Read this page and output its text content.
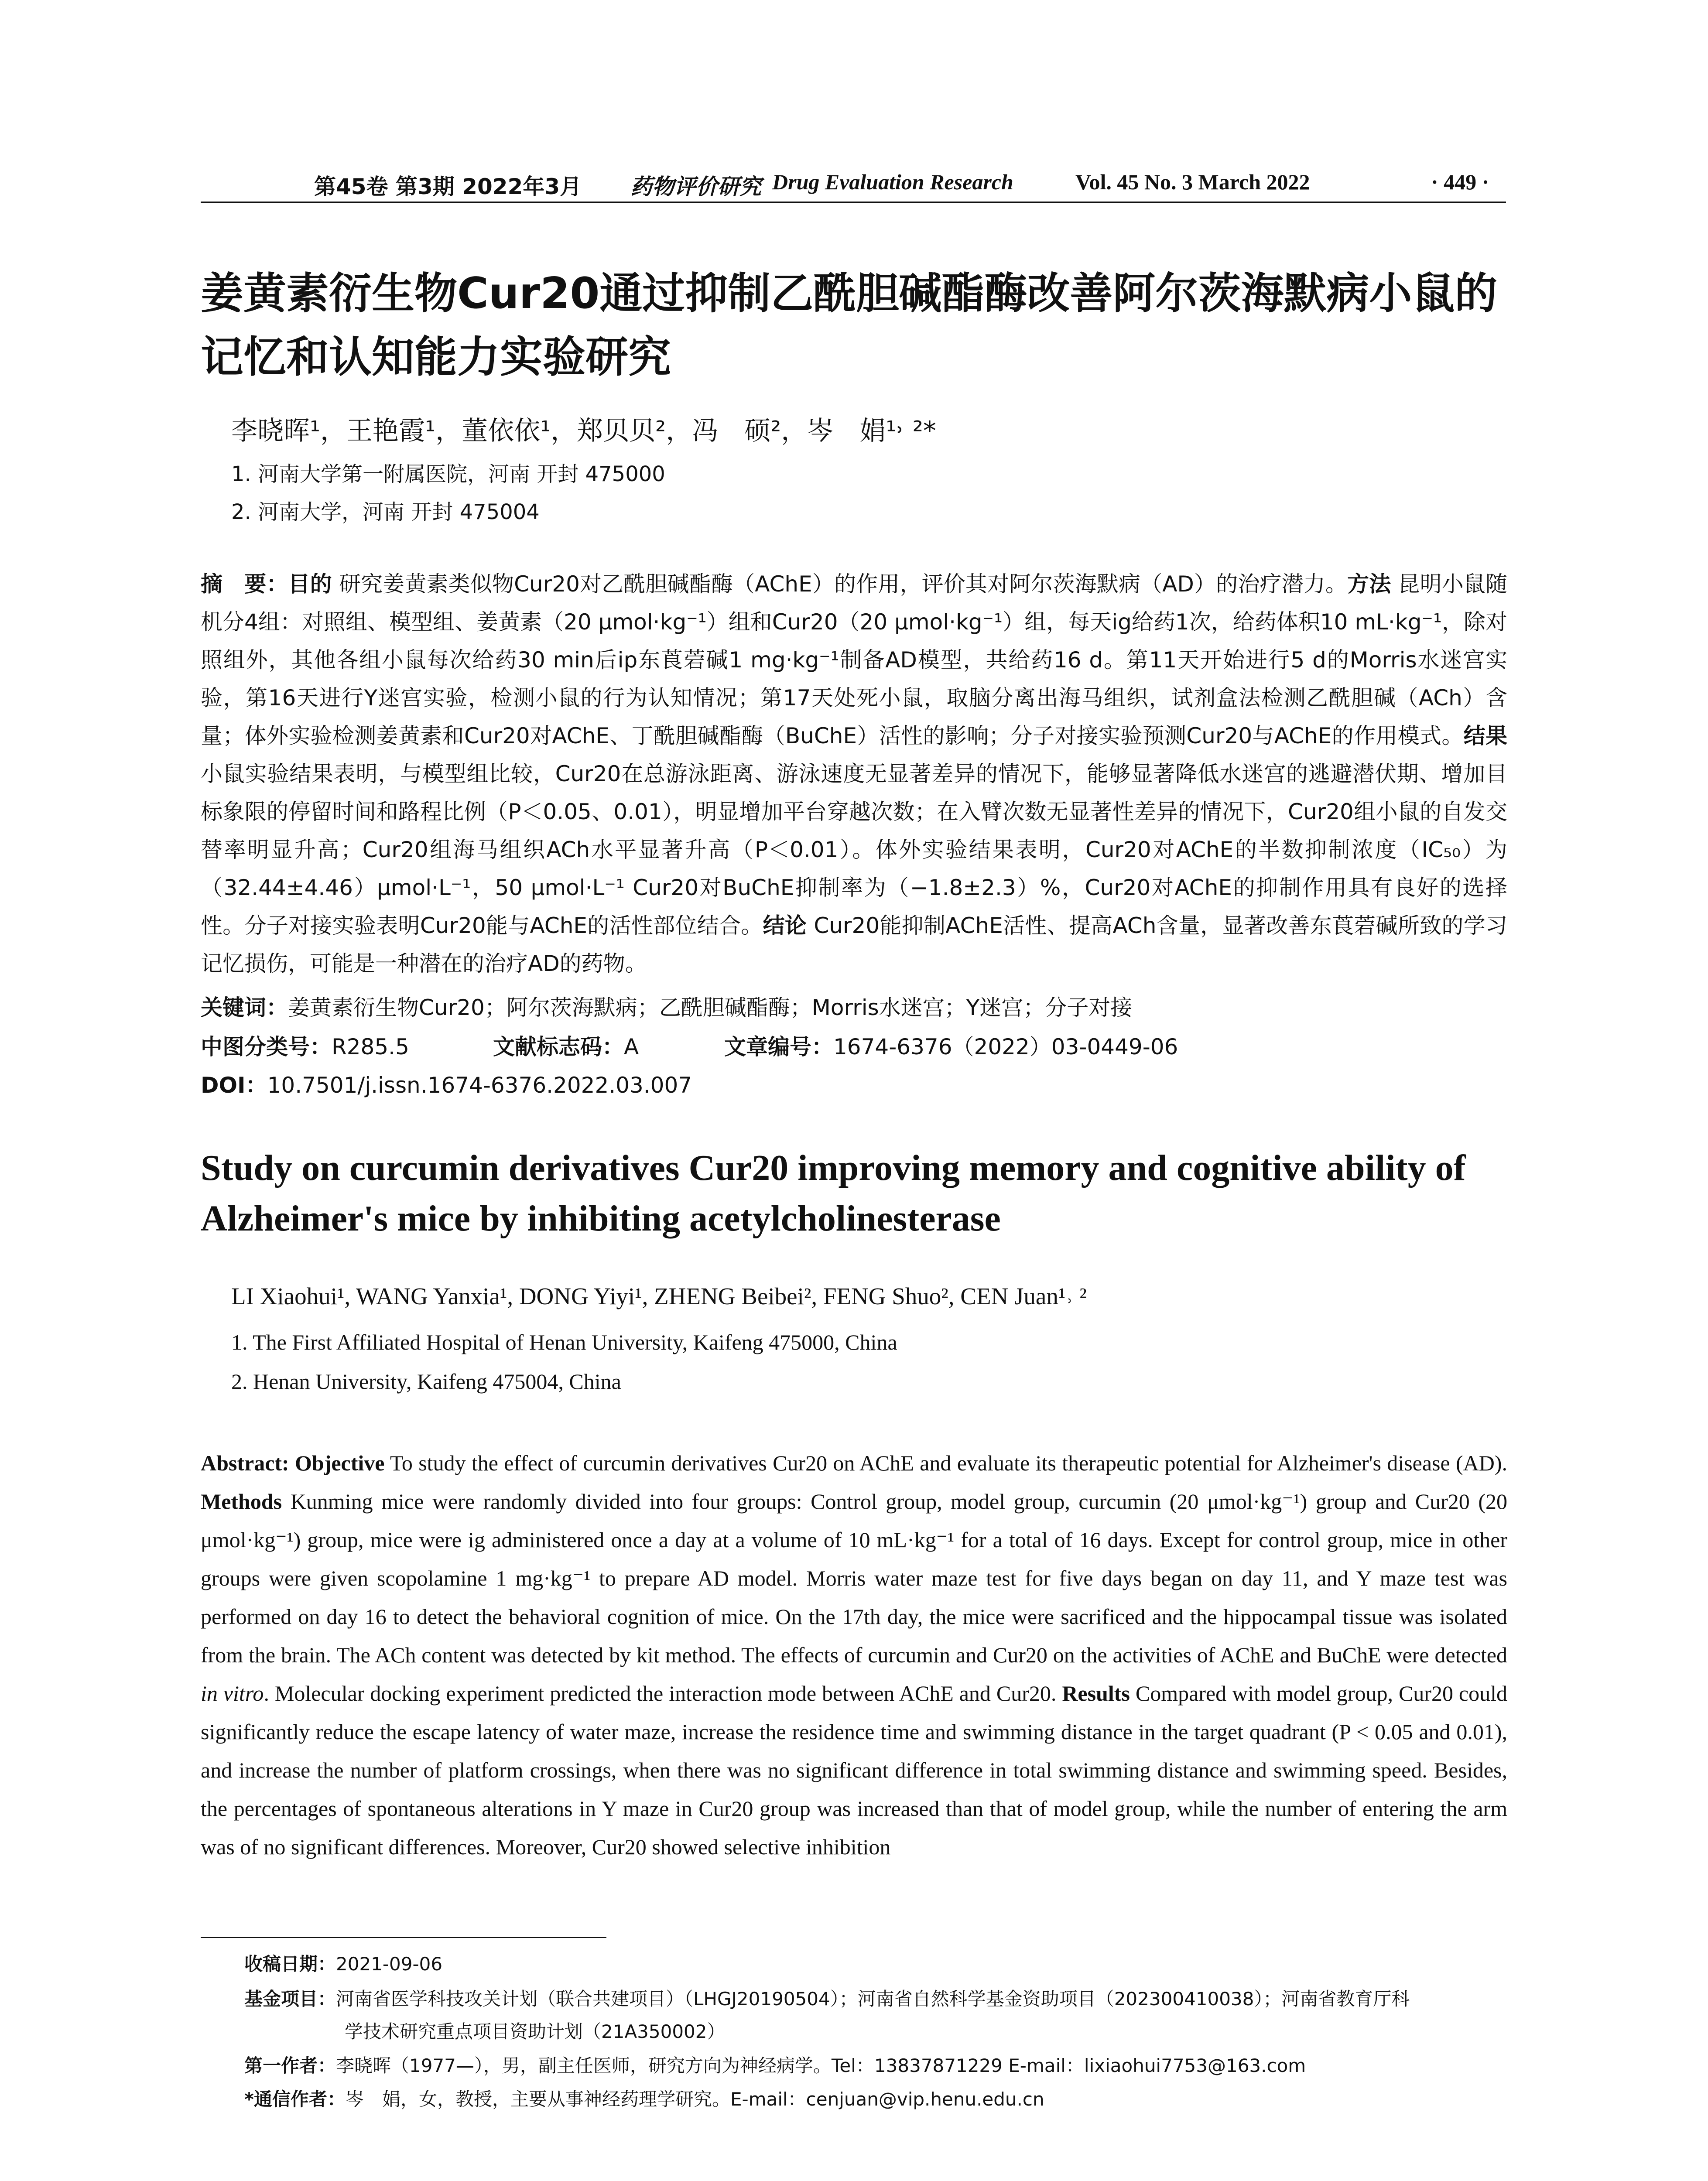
第45卷 第3期 2022年3月 药物评价研究 Drug Evaluation Research	Vol. 45 No. 3 March 2022	· 449 ·
姜黄素衍生物Cur20通过抑制乙酰胆碱酯酶改善阿尔茨海默病小鼠的记忆和认知能力实验研究
李晓晖¹，王艳霞¹，董依依¹，郑贝贝²，冯　硕²，岑　娟¹˒ ²*
1. 河南大学第一附属医院，河南 开封 475000
2. 河南大学，河南 开封 475004
摘　要：目的 研究姜黄素类似物Cur20对乙酰胆碱酯酶（AChE）的作用，评价其对阿尔茨海默病（AD）的治疗潜力。方法 昆明小鼠随机分4组：对照组、模型组、姜黄素（20 μmol·kg⁻¹）组和Cur20（20 μmol·kg⁻¹）组，每天ig给药1次，给药体积10 mL·kg⁻¹，除对照组外，其他各组小鼠每次给药30 min后ip东莨菪碱1 mg·kg⁻¹制备AD模型，共给药16 d。第11天开始进行5 d的Morris水迷宫实验，第16天进行Y迷宫实验，检测小鼠的行为认知情况；第17天处死小鼠，取脑分离出海马组织，试剂盒法检测乙酰胆碱（ACh）含量；体外实验检测姜黄素和Cur20对AChE、丁酰胆碱酯酶（BuChE）活性的影响；分子对接实验预测Cur20与AChE的作用模式。结果 小鼠实验结果表明，与模型组比较，Cur20在总游泳距离、游泳速度无显著差异的情况下，能够显著降低水迷宫的逃避潜伏期、增加目标象限的停留时间和路程比例（P＜0.05、0.01），明显增加平台穿越次数；在入臂次数无显著性差异的情况下，Cur20组小鼠的自发交替率明显升高；Cur20组海马组织ACh水平显著升高（P＜0.01）。体外实验结果表明，Cur20对AChE的半数抑制浓度（IC₅₀）为（32.44±4.46）μmol·L⁻¹，50 μmol·L⁻¹ Cur20对BuChE抑制率为（−1.8±2.3）%，Cur20对AChE的抑制作用具有良好的选择性。分子对接实验表明Cur20能与AChE的活性部位结合。结论 Cur20能抑制AChE活性、提高ACh含量，显著改善东莨菪碱所致的学习记忆损伤，可能是一种潜在的治疗AD的药物。
关键词：姜黄素衍生物Cur20；阿尔茨海默病；乙酰胆碱酯酶；Morris水迷宫；Y迷宫；分子对接
中图分类号：R285.5	文献标志码：A	文章编号：1674-6376（2022）03-0449-06
DOI：10.7501/j.issn.1674-6376.2022.03.007
Study on curcumin derivatives Cur20 improving memory and cognitive ability of Alzheimer's mice by inhibiting acetylcholinesterase
LI Xiaohui¹, WANG Yanxia¹, DONG Yiyi¹, ZHENG Beibei², FENG Shuo², CEN Juan¹˒ ²
1. The First Affiliated Hospital of Henan University, Kaifeng 475000, China
2. Henan University, Kaifeng 475004, China
Abstract: Objective To study the effect of curcumin derivatives Cur20 on AChE and evaluate its therapeutic potential for Alzheimer's disease (AD). Methods Kunming mice were randomly divided into four groups: Control group, model group, curcumin (20 μmol·kg⁻¹) group and Cur20 (20 μmol·kg⁻¹) group, mice were ig administered once a day at a volume of 10 mL·kg⁻¹ for a total of 16 days. Except for control group, mice in other groups were given scopolamine 1 mg·kg⁻¹ to prepare AD model. Morris water maze test for five days began on day 11, and Y maze test was performed on day 16 to detect the behavioral cognition of mice. On the 17th day, the mice were sacrificed and the hippocampal tissue was isolated from the brain. The ACh content was detected by kit method. The effects of curcumin and Cur20 on the activities of AChE and BuChE were detected in vitro. Molecular docking experiment predicted the interaction mode between AChE and Cur20. Results Compared with model group, Cur20 could significantly reduce the escape latency of water maze, increase the residence time and swimming distance in the target quadrant (P < 0.05 and 0.01), and increase the number of platform crossings, when there was no significant difference in total swimming distance and swimming speed. Besides, the percentages of spontaneous alterations in Y maze in Cur20 group was increased than that of model group, while the number of entering the arm was of no significant differences. Moreover, Cur20 showed selective inhibition
收稿日期：2021-09-06
基金项目：河南省医学科技攻关计划（联合共建项目）（LHGJ20190504）；河南省自然科学基金资助项目（202300410038）；河南省教育厅科
学技术研究重点项目资助计划（21A350002）
第一作者：李晓晖（1977—），男，副主任医师，研究方向为神经病学。Tel：13837871229 E-mail：lixiaohui7753@163.com
*通信作者：岑　娟，女，教授，主要从事神经药理学研究。E-mail：cenjuan@vip.henu.edu.cn
